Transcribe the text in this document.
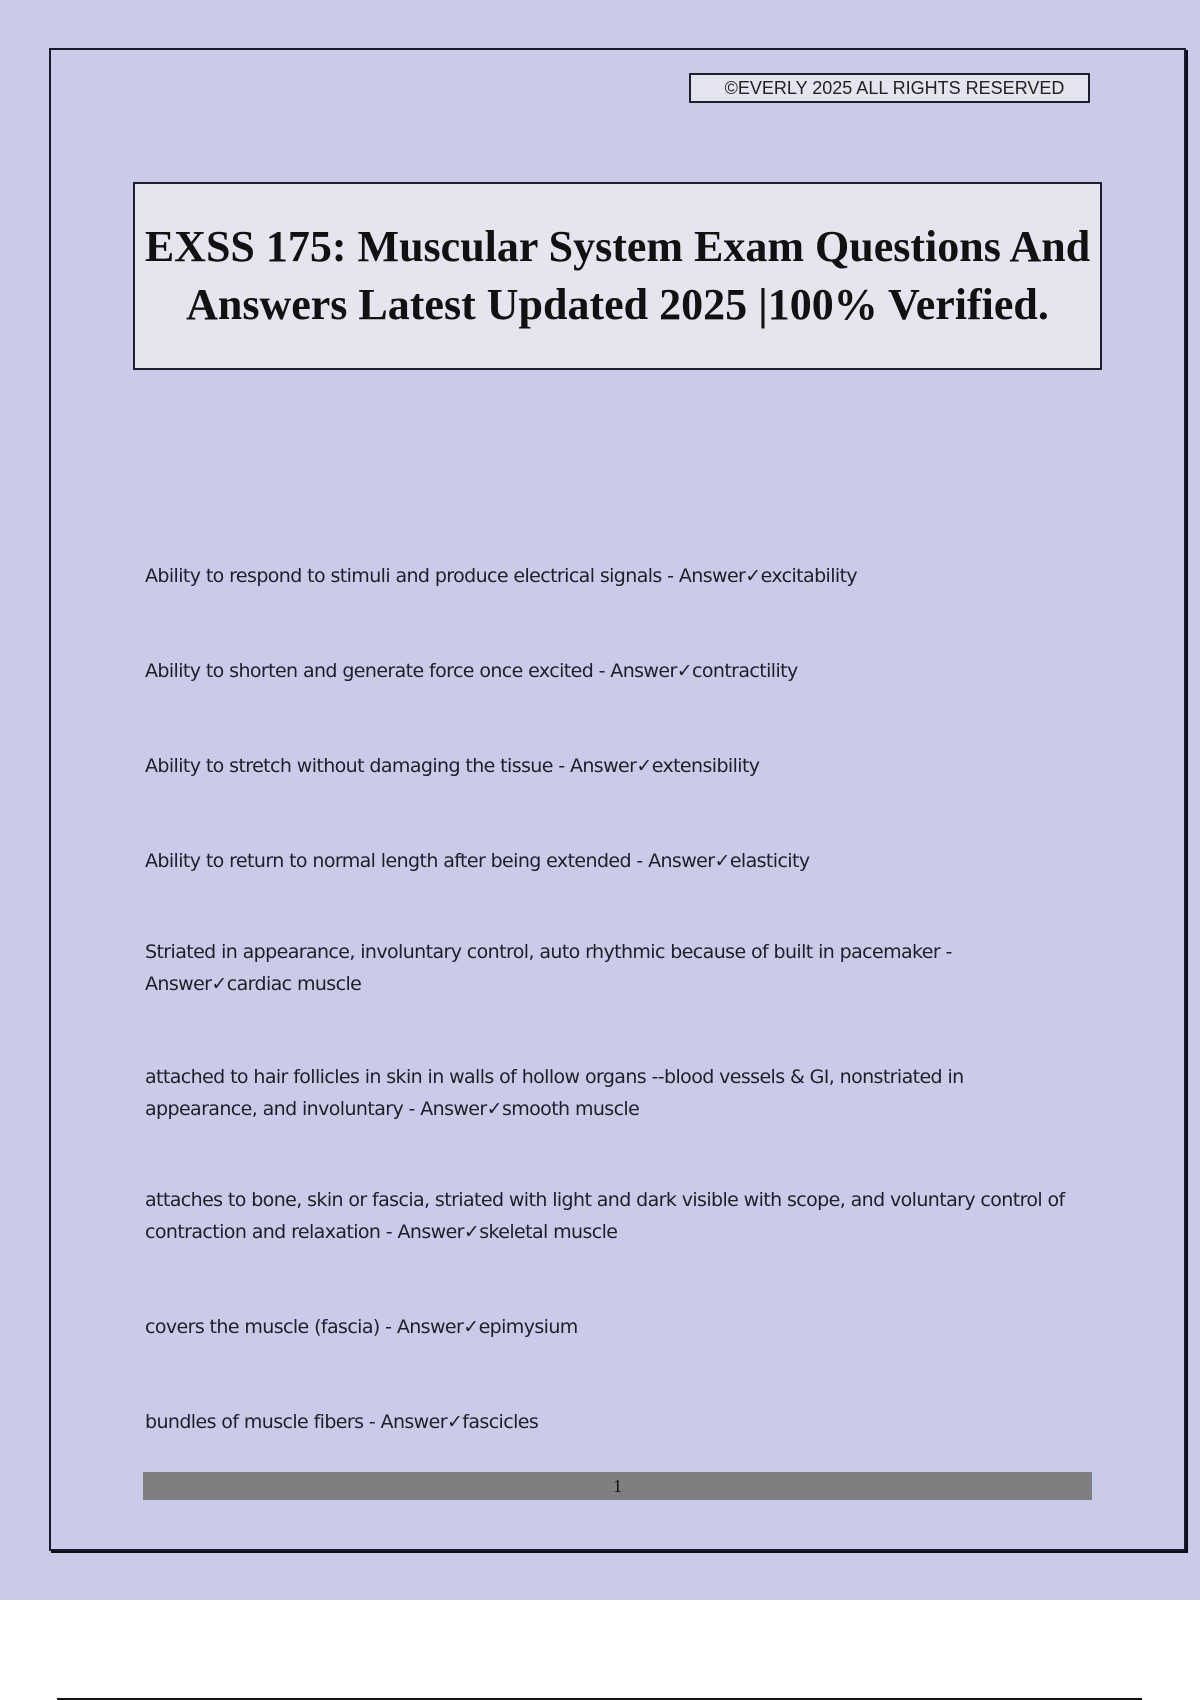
©EVERLY 2025 ALL RIGHTS RESERVED
EXSS 175: Muscular System Exam Questions And Answers Latest Updated 2025 |100% Verified.
Ability to respond to stimuli and produce electrical signals - Answer✓excitability
Ability to shorten and generate force once excited - Answer✓contractility
Ability to stretch without damaging the tissue - Answer✓extensibility
Ability to return to normal length after being extended - Answer✓elasticity
Striated in appearance, involuntary control, auto rhythmic because of built in pacemaker - Answer✓cardiac muscle
attached to hair follicles in skin in walls of hollow organs --blood vessels & GI, nonstriated in appearance, and involuntary - Answer✓smooth muscle
attaches to bone, skin or fascia, striated with light and dark visible with scope, and voluntary control of contraction and relaxation - Answer✓skeletal muscle
covers the muscle (fascia) - Answer✓epimysium
bundles of muscle fibers - Answer✓fascicles
1
